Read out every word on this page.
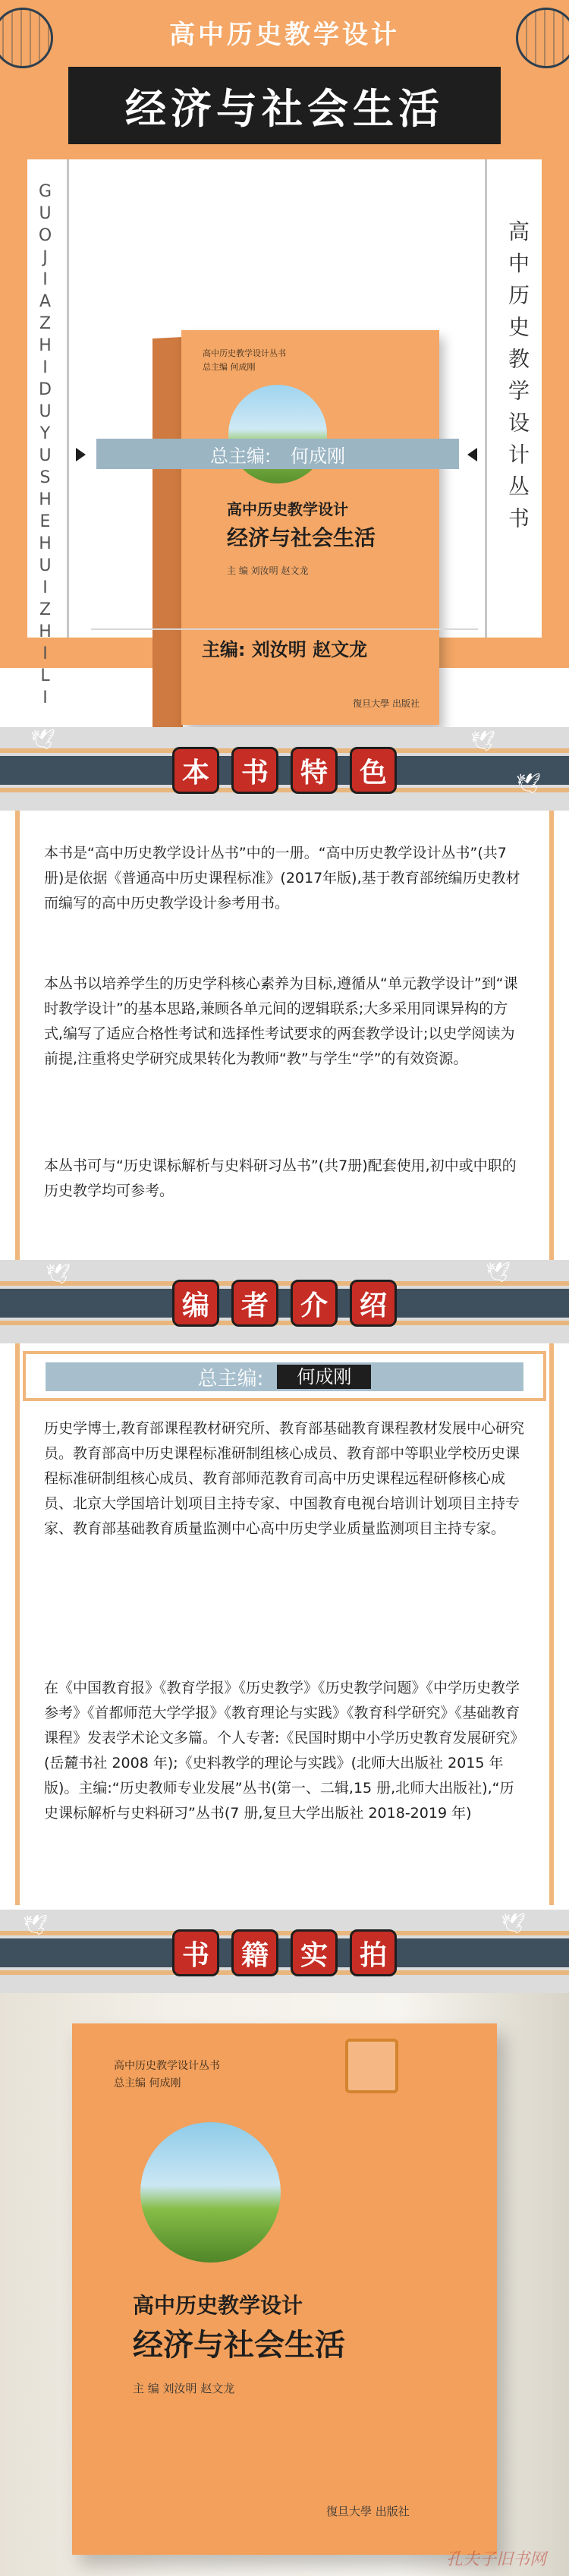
高中历史教学设计
经济与社会生活
GUOJIAZHIDUYUSHEHUIZHILI	高中历史教学设计丛书
高中历史教学设计丛书
总主编 何成刚
高中历史教学设计
经济与社会生活
主 编 刘汝明 赵文龙
復旦大學 出版社
总主编: 何成刚
主编: 刘汝明 赵文龙
🕊	🕊
🕊
本	书	特	色

本书是“高中历史教学设计丛书”中的一册。“高中历史教学设计丛书”(共7册)是依据《普通高中历史课程标准》(2017年版),基于教育部统编历史教材而编写的高中历史教学设计参考用书。

本丛书以培养学生的历史学科核心素养为目标,遵循从“单元教学设计”到“课时教学设计”的基本思路,兼顾各单元间的逻辑联系;大多采用同课异构的方式,编写了适应合格性考试和选择性考试要求的两套教学设计;以史学阅读为前提,注重将史学研究成果转化为教师“教”与学生“学”的有效资源。

本丛书可与“历史课标解析与史料研习丛书”(共7册)配套使用,初中或中职的历史教学均可参考。

🕊	🕊
编	者	介	绍
总主编:	何成刚

历史学博士,教育部课程教材研究所、教育部基础教育课程教材发展中心研究员。教育部高中历史课程标准研制组核心成员、教育部中等职业学校历史课程标准研制组核心成员、教育部师范教育司高中历史课程远程研修核心成员、北京大学国培计划项目主持专家、中国教育电视台培训计划项目主持专家、教育部基础教育质量监测中心高中历史学业质量监测项目主持专家。

在《中国教育报》《教育学报》《历史教学》《历史教学问题》《中学历史教学参考》《首都师范大学学报》《教育理论与实践》《教育科学研究》《基础教育课程》发表学术论文多篇。个人专著:《民国时期中小学历史教育发展研究》(岳麓书社 2008 年);《史料教学的理论与实践》(北师大出版社 2015 年版)。主编:“历史教师专业发展”丛书(第一、二辑,15 册,北师大出版社),“历史课标解析与史料研习”丛书(7 册,复旦大学出版社 2018-2019 年)

🕊	🕊
书	籍	实	拍
高中历史教学设计丛书
总主编 何成刚
高中历史教学设计
经济与社会生活
主 编 刘汝明 赵文龙
復旦大學 出版社
孔夫子旧书网
